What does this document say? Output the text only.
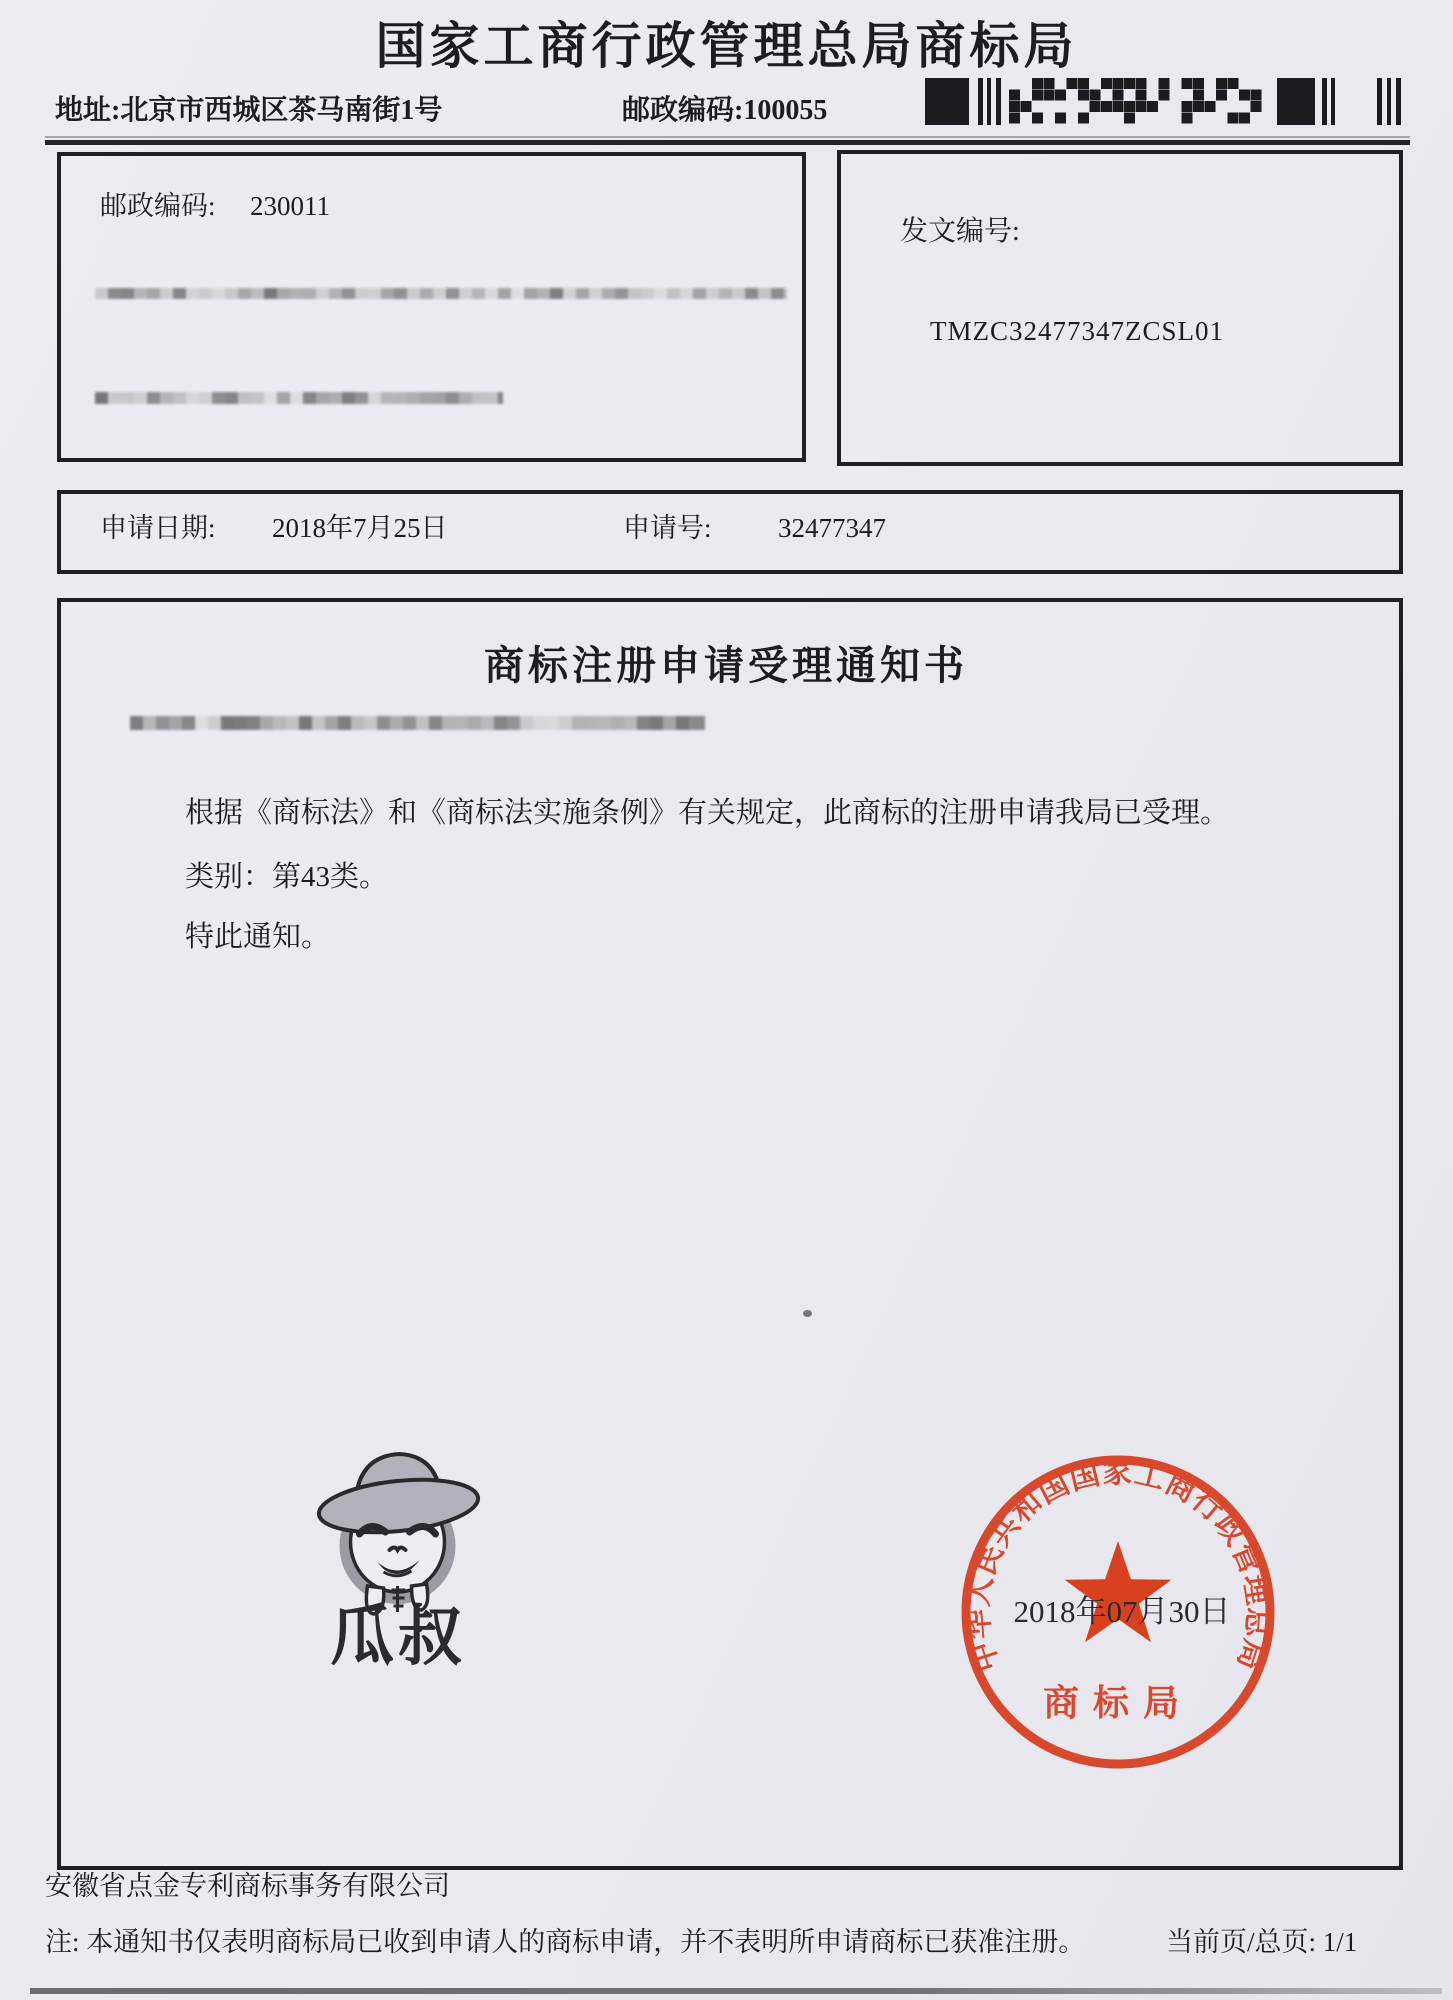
国家工商行政管理总局商标局
地址:北京市西城区茶马南街1号	邮政编码:100055
邮政编码: 230011
发文编号:
TMZC32477347ZCSL01
申请日期: 2018年7月25日	申请号: 32477347
商标注册申请受理通知书
根据《商标法》和《商标法实施条例》有关规定，此商标的注册申请我局已受理。
类别：第43类。
特此通知。
瓜叔	中华人民共和国国家工商行政管理总局
商标局
2018年07月30日
安徽省点金专利商标事务有限公司
注: 本通知书仅表明商标局已收到申请人的商标申请，并不表明所申请商标已获准注册。	当前页/总页: 1/1
